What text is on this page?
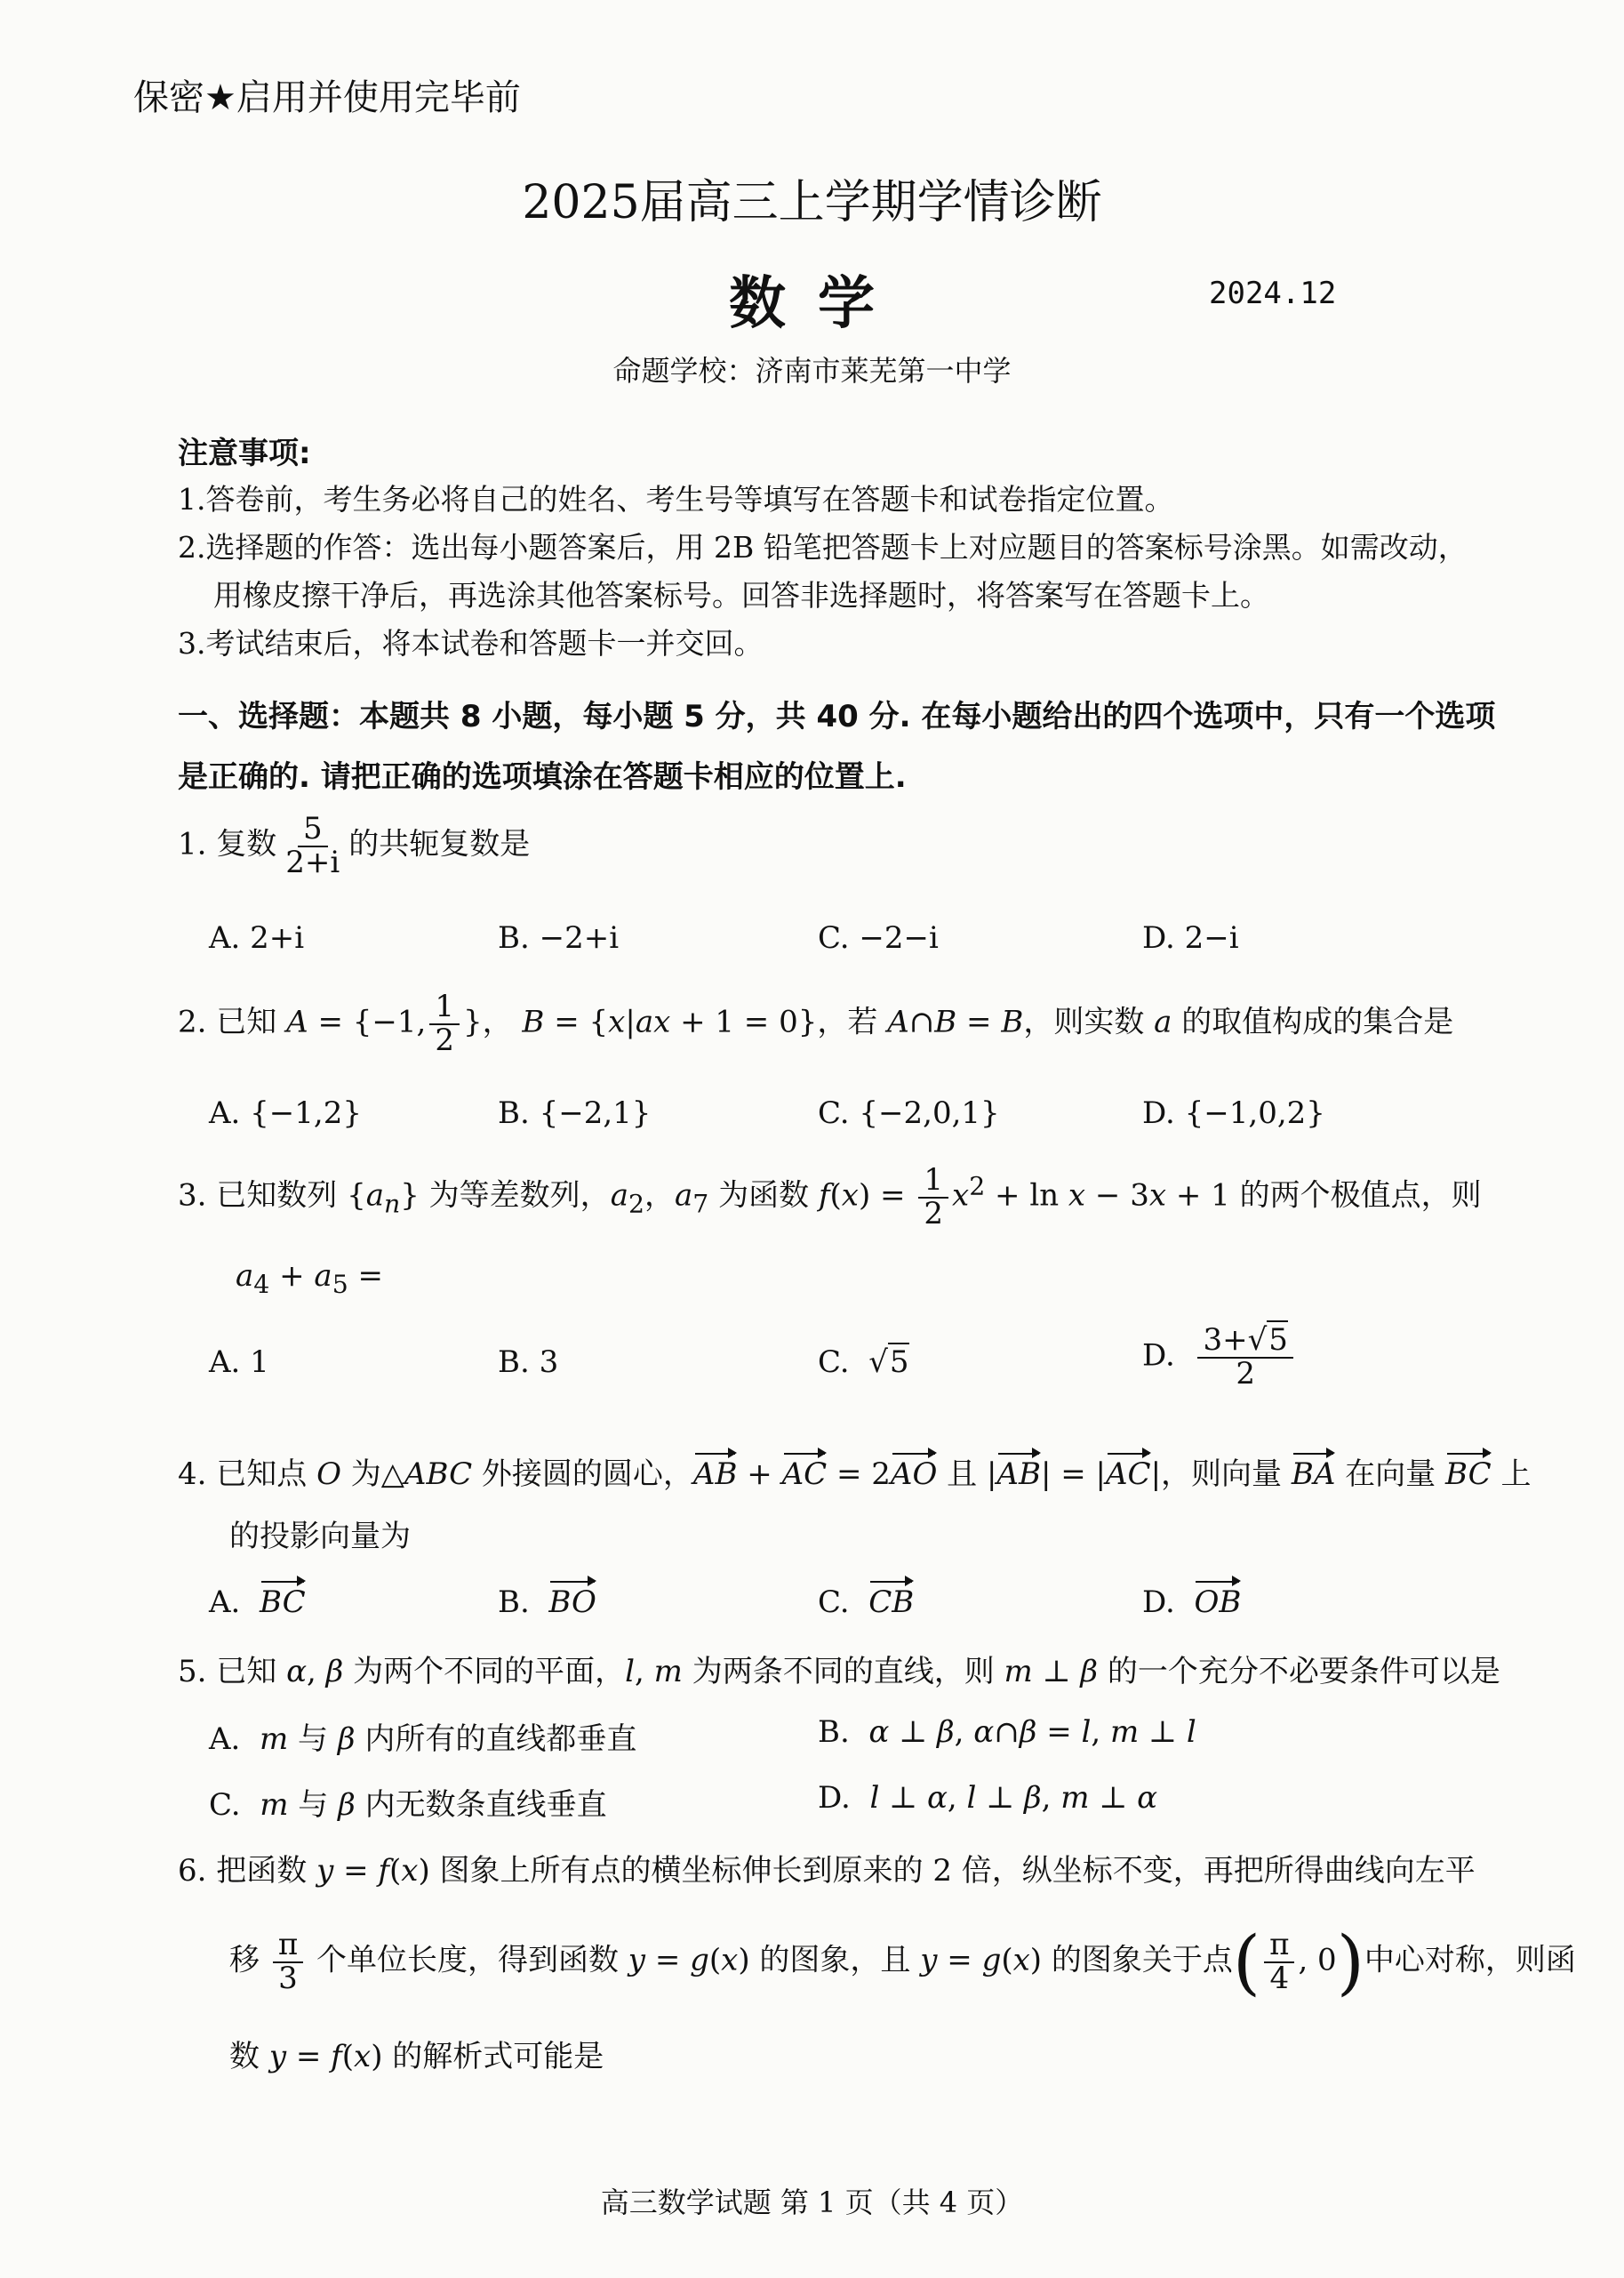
保密★启用并使用完毕前
2025届高三上学期学情诊断
数学	2024.12
命题学校：济南市莱芜第一中学
注意事项:
1.答卷前，考生务必将自己的姓名、考生号等填写在答题卡和试卷指定位置。
2.选择题的作答：选出每小题答案后，用 2B 铅笔把答题卡上对应题目的答案标号涂黑。如需改动，
用橡皮擦干净后，再选涂其他答案标号。回答非选择题时，将答案写在答题卡上。
3.考试结束后，将本试卷和答题卡一并交回。
一、选择题：本题共 8 小题，每小题 5 分，共 40 分. 在每小题给出的四个选项中，只有一个选项
是正确的. 请把正确的选项填涂在答题卡相应的位置上.
1. 复数 $\frac{5}{2+i}$ 的共轭复数是
A. 2+i	B. −2+i	C. −2−i	D. 2−i
2. 已知 A = {−1, $\frac{1}{2}$ }， B = {x|ax + 1 = 0}，若 A∩B = B，则实数 a 的取值构成的集合是
A. {−1,2}	B. {−2,1}	C. {−2,0,1}	D. {−1,0,2}
3. 已知数列 $\{a_n\}$ 为等差数列，$a_2$，$a_7$ 为函数 $f(x) = \frac{1}{2} x^2 + \ln x - 3x + 1$ 的两个极值点，则
$a_4 + a_5$ =
A. 1	B. 3	C.  √5	D. $\frac{3+√5}{2}$
4. 已知点 O 为△ABC 外接圆的圆心，AB + AC = 2AO 且 |AB| = |AC|，则向量 BA 在向量 BC 上
的投影向量为
A.  BC	B.  BO	C.  CB	D.  OB
5. 已知 α, β 为两个不同的平面，l, m 为两条不同的直线，则 m ⊥ β 的一个充分不必要条件可以是
A.  m 与 β 内所有的直线都垂直	B.  α ⊥ β, α∩β = l, m ⊥ l
C.  m 与 β 内无数条直线垂直	D.  l ⊥ α, l ⊥ β, m ⊥ α
6. 把函数 y = f(x) 图象上所有点的横坐标伸长到原来的 2 倍，纵坐标不变，再把所得曲线向左平
移 $\frac{\pi}{3}$ 个单位长度，得到函数 y = g(x) 的图象，且 y = g(x) 的图象关于点( $\frac{\pi}{4}$ , 0)中心对称，则函
数 y = f(x) 的解析式可能是
高三数学试题 第 1 页（共 4 页）
